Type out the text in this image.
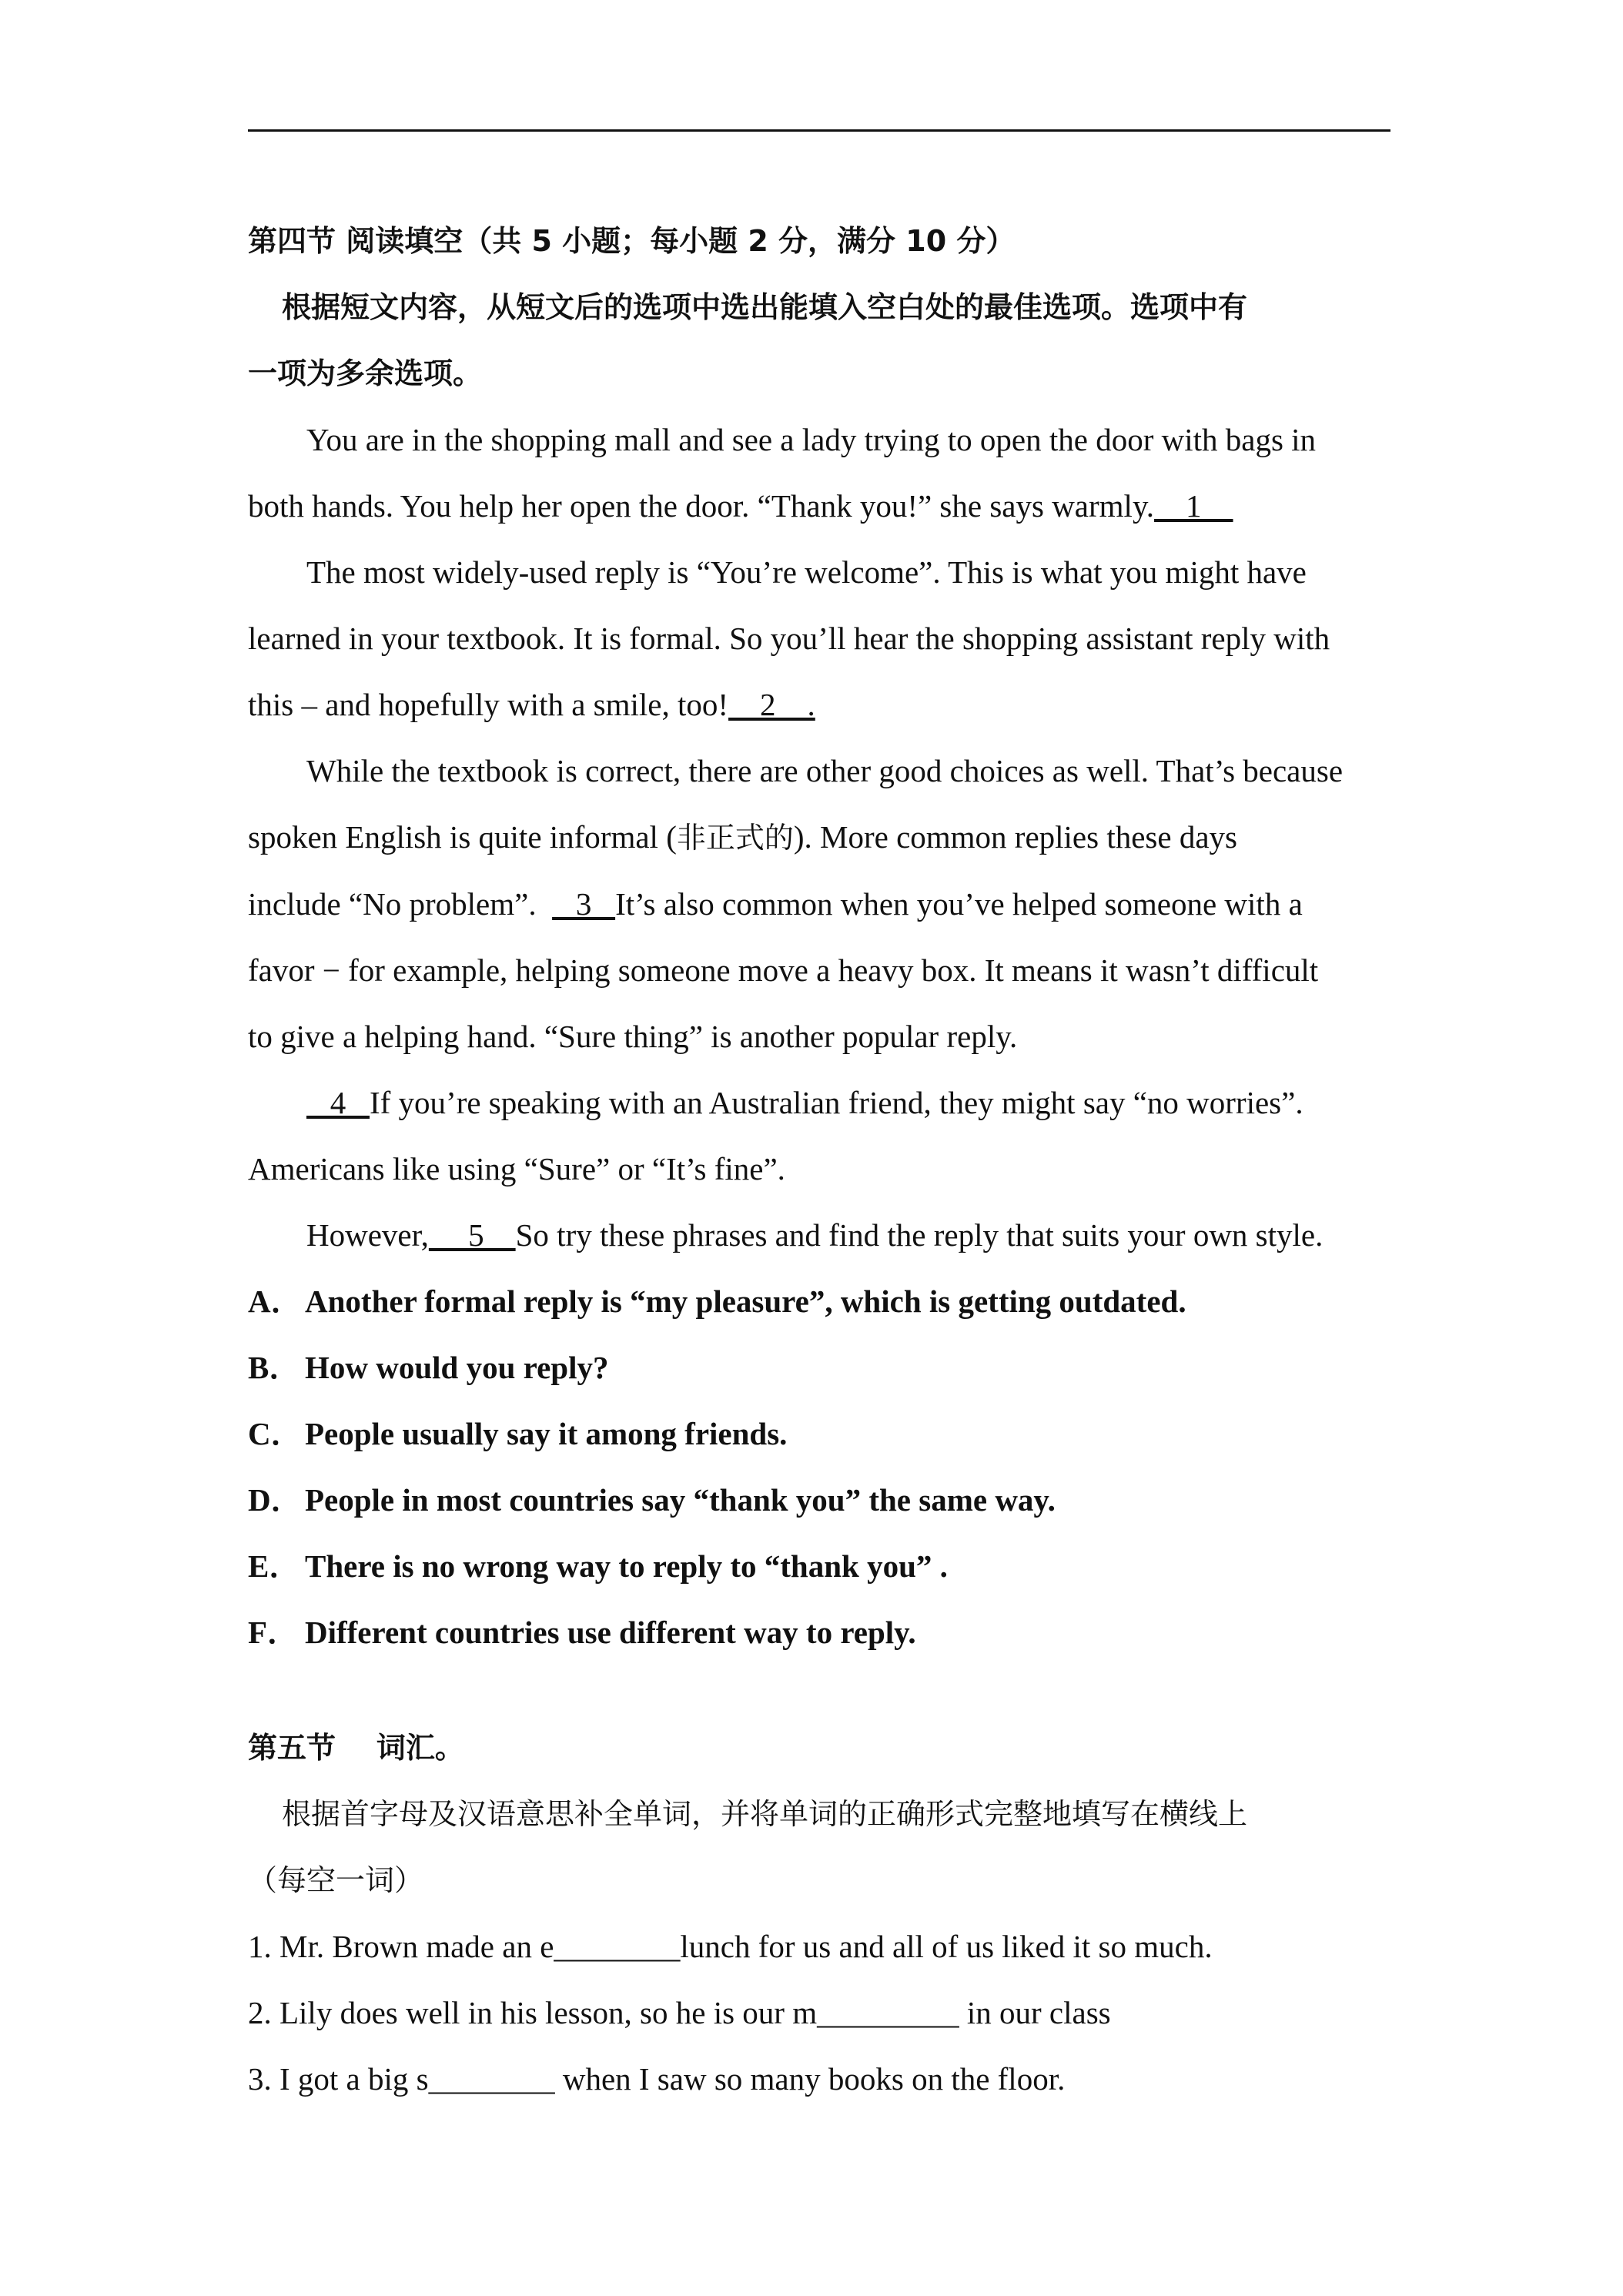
第四节 阅读填空（共 5 小题；每小题 2 分，满分 10 分）
根据短文内容，从短文后的选项中选出能填入空白处的最佳选项。选项中有
一项为多余选项。
You are in the shopping mall and see a lady trying to open the door with bags in
both hands. You help her open the door. “Thank you!” she says warmly.    1
The most widely-used reply is “You’re welcome”. This is what you might have
learned in your textbook. It is formal. So you’ll hear the shopping assistant reply with
this – and hopefully with a smile, too!    2    .
While the textbook is correct, there are other good choices as well. That’s because
spoken English is quite informal (非正式的). More common replies these days
include “No problem”.     3   It’s also common when you’ve helped someone with a
favor − for example, helping someone move a heavy box. It means it wasn’t difficult
to give a helping hand. “Sure thing” is another popular reply.
4   If you’re speaking with an Australian friend, they might say “no worries”.
Americans like using “Sure” or “It’s fine”.
However,     5    So try these phrases and find the reply that suits your own style.
A．Another formal reply is “my pleasure”, which is getting outdated.
B． How would you reply?
C．People usually say it among friends.
D．People in most countries say “thank you” the same way.
E． There is no wrong way to reply to “thank you” .
F． Different countries use different way to reply.
第五节    词汇。
根据首字母及汉语意思补全单词，并将单词的正确形式完整地填写在横线上
（每空一词）
1. Mr. Brown made an e________lunch for us and all of us liked it so much.
2. Lily does well in his lesson, so he is our m_________ in our class
3. I got a big s________ when I saw so many books on the floor.
